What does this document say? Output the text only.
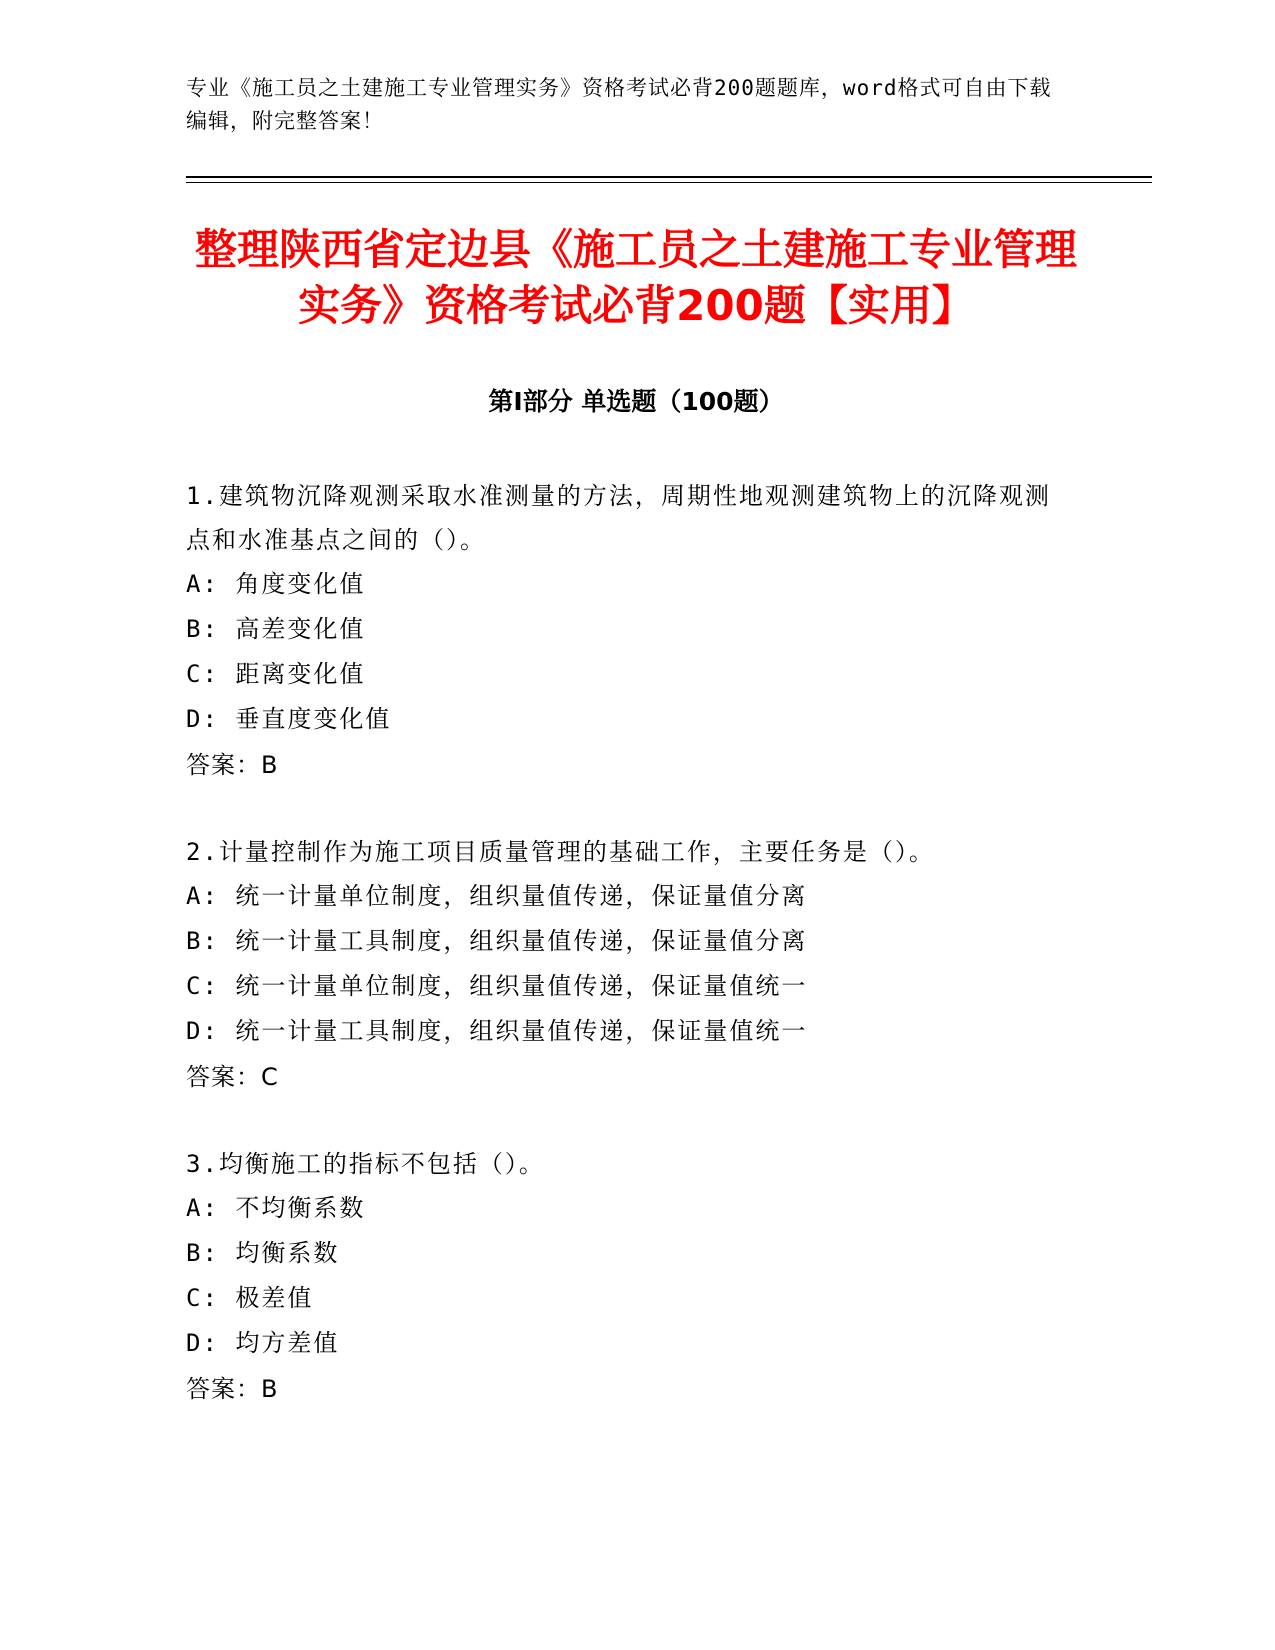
专业《施工员之土建施工专业管理实务》资格考试必背200题题库，word格式可自由下载编辑，附完整答案！
整理陕西省定边县《施工员之土建施工专业管理实务》资格考试必背200题【实用】
第I部分 单选题（100题）
1.建筑物沉降观测采取水准测量的方法，周期性地观测建筑物上的沉降观测点和水准基点之间的（）。
A: 角度变化值
B: 高差变化值
C: 距离变化值
D: 垂直度变化值
答案：B
2.计量控制作为施工项目质量管理的基础工作，主要任务是（）。
A: 统一计量单位制度，组织量值传递，保证量值分离
B: 统一计量工具制度，组织量值传递，保证量值分离
C: 统一计量单位制度，组织量值传递，保证量值统一
D: 统一计量工具制度，组织量值传递，保证量值统一
答案：C
3.均衡施工的指标不包括（）。
A: 不均衡系数
B: 均衡系数
C: 极差值
D: 均方差值
答案：B
